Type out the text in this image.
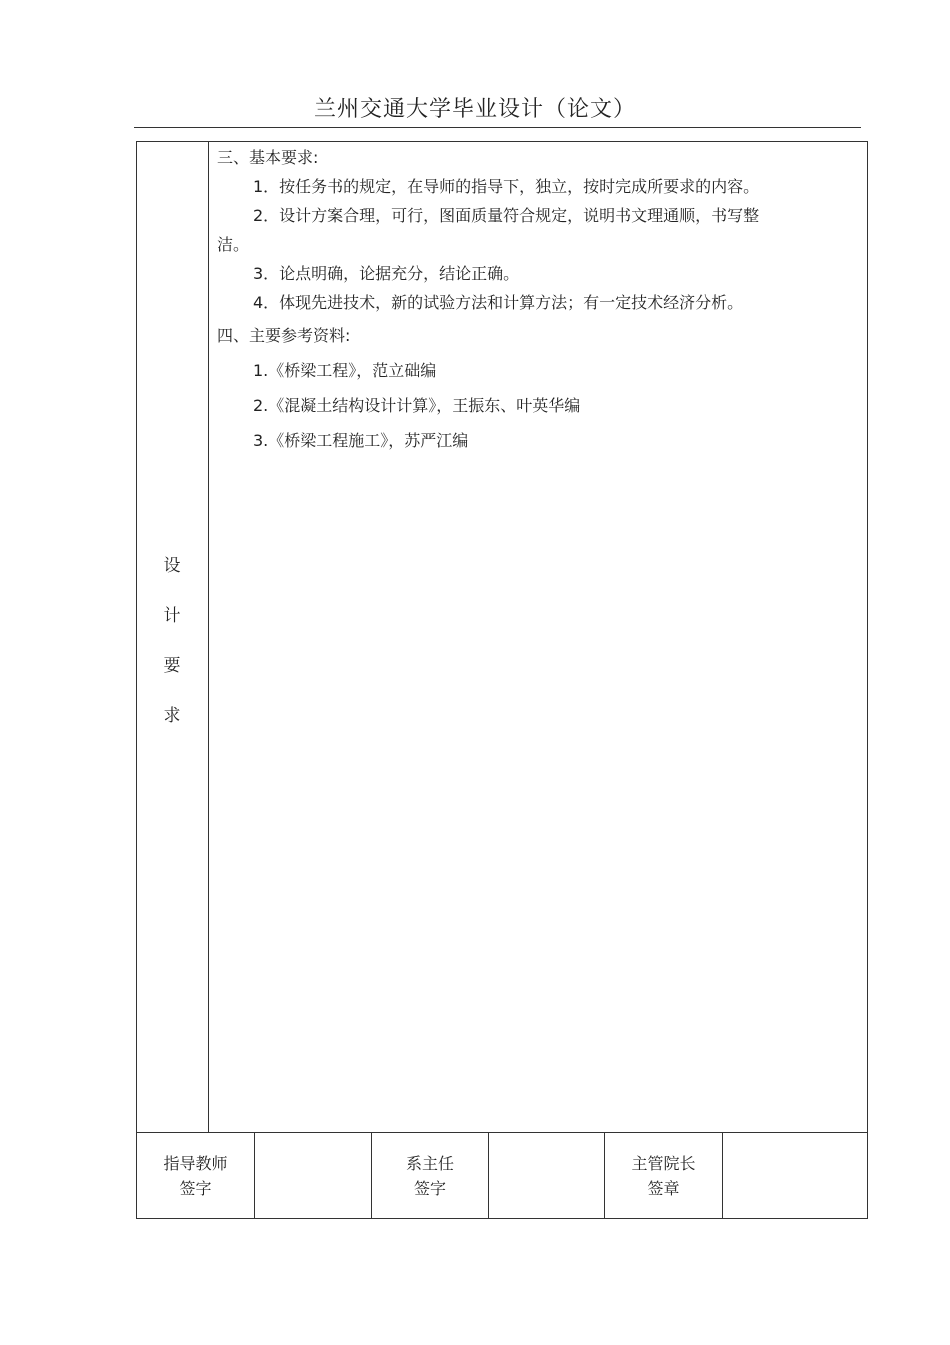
兰州交通大学毕业设计（论文）
设
计
要
求
三、基本要求:
1．按任务书的规定，在导师的指导下，独立，按时完成所要求的内容。
2．设计方案合理，可行，图面质量符合规定，说明书文理通顺，书写整
洁。
3．论点明确，论据充分，结论正确。
4．体现先进技术，新的试验方法和计算方法；有一定技术经济分析。
四、主要参考资料:
1.《桥梁工程》，范立础编
2.《混凝土结构设计计算》，王振东、叶英华编
3.《桥梁工程施工》，苏严江编
指导教师
签字
系主任
签字
主管院长
签章
